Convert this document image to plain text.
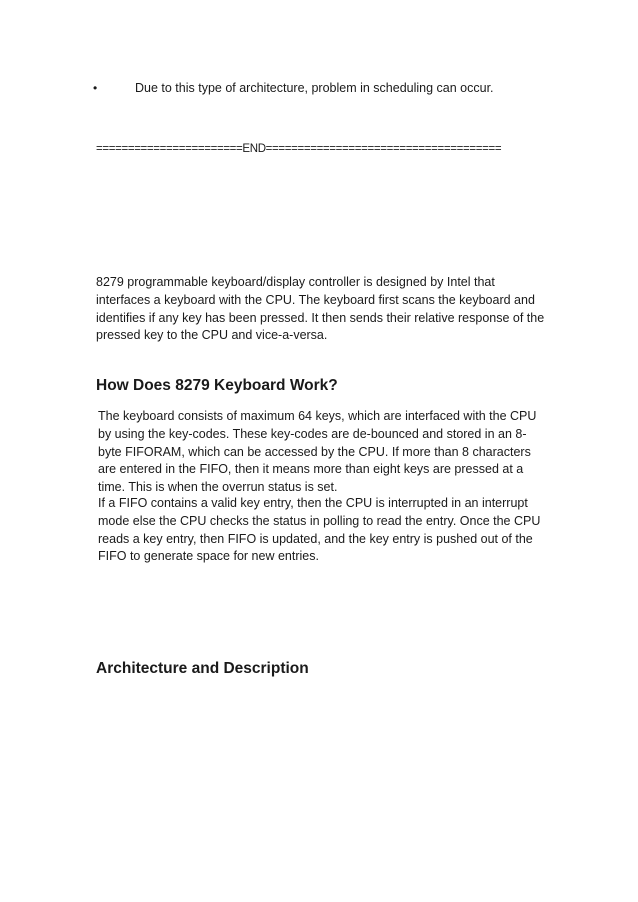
•	Due to this type of architecture, problem in scheduling can occur.
=======================END=====================================

8279 programmable keyboard/display controller is designed by Intel that interfaces a keyboard with the CPU. The keyboard first scans the keyboard and identifies if any key has been pressed. It then sends their relative response of the pressed key to the CPU and vice-a-versa.

How Does 8279 Keyboard Work?

The keyboard consists of maximum 64 keys, which are interfaced with the CPU by using the key-codes. These key-codes are de-bounced and stored in an 8-byte FIFORAM, which can be accessed by the CPU. If more than 8 characters are entered in the FIFO, then it means more than eight keys are pressed at a time. This is when the overrun status is set.

If a FIFO contains a valid key entry, then the CPU is interrupted in an interrupt mode else the CPU checks the status in polling to read the entry. Once the CPU reads a key entry, then FIFO is updated, and the key entry is pushed out of the FIFO to generate space for new entries.

Architecture and Description
